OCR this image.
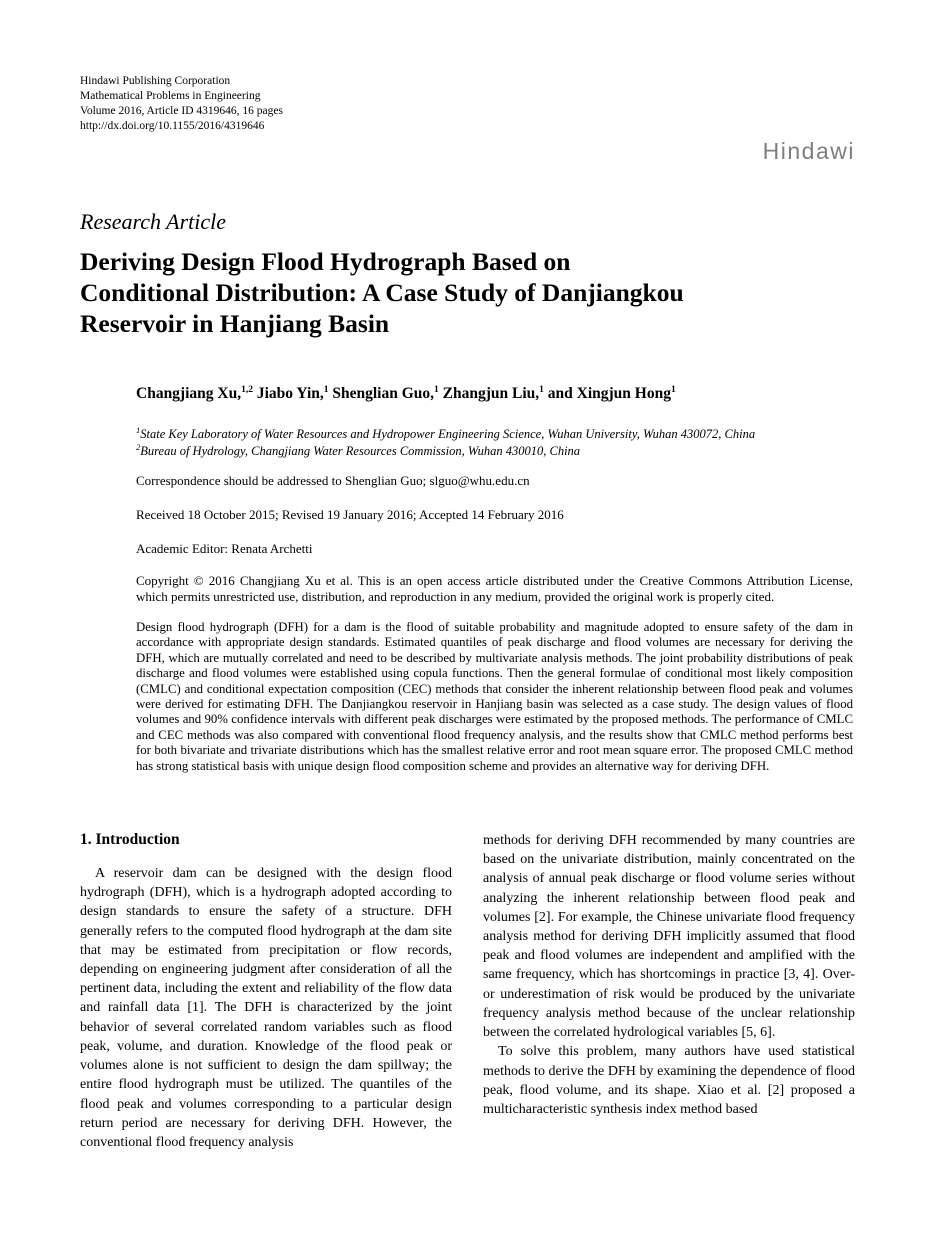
Hindawi Publishing Corporation
Mathematical Problems in Engineering
Volume 2016, Article ID 4319646, 16 pages
http://dx.doi.org/10.1155/2016/4319646
Hindawi
Research Article
Deriving Design Flood Hydrograph Based on
Conditional Distribution: A Case Study of Danjiangkou
Reservoir in Hanjiang Basin

Changjiang Xu,$^{1,2}$ Jiabo Yin,$^1$ Shenglian Guo,$^1$ Zhangjun Liu,$^1$ and Xingjun Hong$^1$

$^1$State Key Laboratory of Water Resources and Hydropower Engineering Science, Wuhan University, Wuhan 430072, China
$^2$Bureau of Hydrology, Changjiang Water Resources Commission, Wuhan 430010, China

Correspondence should be addressed to Shenglian Guo; slguo@whu.edu.cn

Received 18 October 2015; Revised 19 January 2016; Accepted 14 February 2016

Academic Editor: Renata Archetti

Copyright © 2016 Changjiang Xu et al. This is an open access article distributed under the Creative Commons Attribution License, which permits unrestricted use, distribution, and reproduction in any medium, provided the original work is properly cited.

Design flood hydrograph (DFH) for a dam is the flood of suitable probability and magnitude adopted to ensure safety of the dam in accordance with appropriate design standards. Estimated quantiles of peak discharge and flood volumes are necessary for deriving the DFH, which are mutually correlated and need to be described by multivariate analysis methods. The joint probability distributions of peak discharge and flood volumes were established using copula functions. Then the general formulae of conditional most likely composition (CMLC) and conditional expectation composition (CEC) methods that consider the inherent relationship between flood peak and volumes were derived for estimating DFH. The Danjiangkou reservoir in Hanjiang basin was selected as a case study. The design values of flood volumes and 90% confidence intervals with different peak discharges were estimated by the proposed methods. The performance of CMLC and CEC methods was also compared with conventional flood frequency analysis, and the results show that CMLC method performs best for both bivariate and trivariate distributions which has the smallest relative error and root mean square error. The proposed CMLC method has strong statistical basis with unique design flood composition scheme and provides an alternative way for deriving DFH.

1. Introduction

A reservoir dam can be designed with the design flood hydrograph (DFH), which is a hydrograph adopted according to design standards to ensure the safety of a structure. DFH generally refers to the computed flood hydrograph at the dam site that may be estimated from precipitation or flow records, depending on engineering judgment after consideration of all the pertinent data, including the extent and reliability of the flow data and rainfall data [1]. The DFH is characterized by the joint behavior of several correlated random variables such as flood peak, volume, and duration. Knowledge of the flood peak or volumes alone is not sufficient to design the dam spillway; the entire flood hydrograph must be utilized. The quantiles of the flood peak and volumes corresponding to a particular design return period are necessary for deriving DFH. However, the conventional flood frequency analysis

methods for deriving DFH recommended by many countries are based on the univariate distribution, mainly concentrated on the analysis of annual peak discharge or flood volume series without analyzing the inherent relationship between flood peak and volumes [2]. For example, the Chinese univariate flood frequency analysis method for deriving DFH implicitly assumed that flood peak and flood volumes are independent and amplified with the same frequency, which has shortcomings in practice [3, 4]. Over- or underestimation of risk would be produced by the univariate frequency analysis method because of the unclear relationship between the correlated hydrological variables [5, 6].

To solve this problem, many authors have used statistical methods to derive the DFH by examining the dependence of flood peak, flood volume, and its shape. Xiao et al. [2] proposed a multicharacteristic synthesis index method based
